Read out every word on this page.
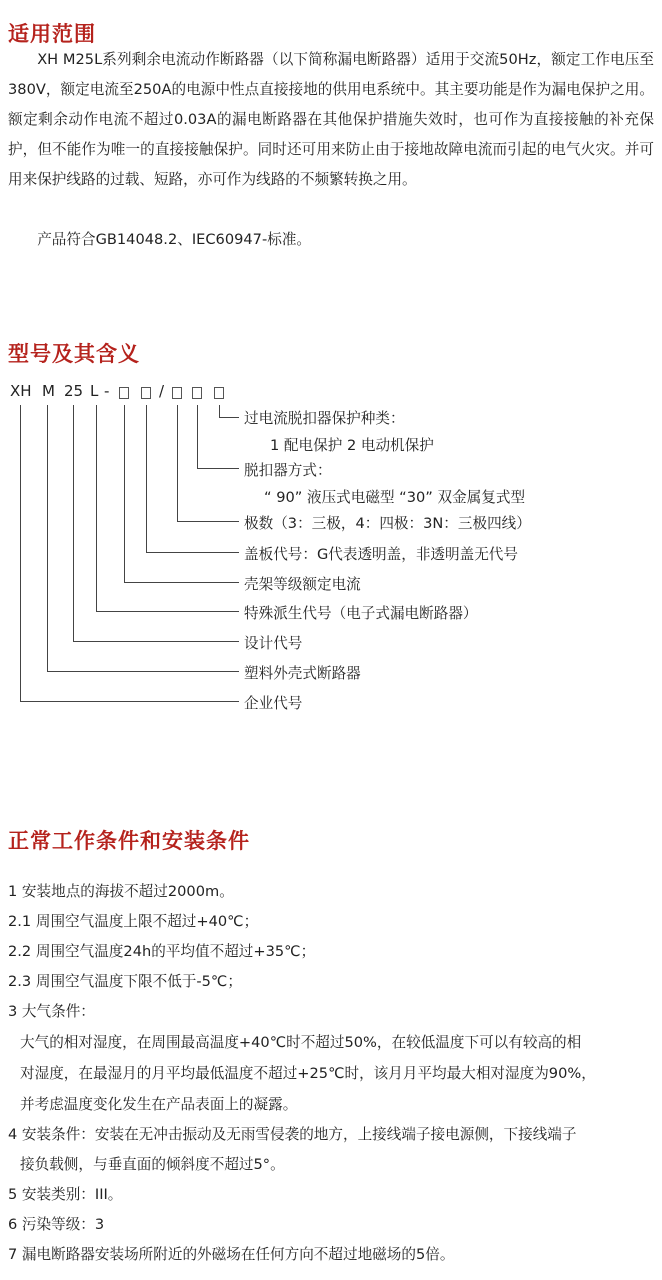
适用范围

XH M25L系列剩余电流动作断路器（以下简称漏电断路器）适用于交流50Hz，额定工作电压至380V，额定电流至250A的电源中性点直接接地的供用电系统中。其主要功能是作为漏电保护之用。额定剩余动作电流不超过0.03A的漏电断路器在其他保护措施失效时，也可作为直接接触的补充保护，但不能作为唯一的直接接触保护。同时还可用来防止由于接地故障电流而引起的电气火灾。并可用来保护线路的过载、短路，亦可作为线路的不频繁转换之用。

产品符合GB14048.2、IEC60947-标准。

型号及其含义
XH M 25 L -	/
过电流脱扣器保护种类：
1 配电保护 2 电动机保护
脱扣器方式：
“ 90” 液压式电磁型 “30” 双金属复式型
极数（3：三极，4：四极：3N：三极四线）
盖板代号：G代表透明盖，非透明盖无代号
壳架等级额定电流
特殊派生代号（电子式漏电断路器）
设计代号
塑料外壳式断路器
企业代号
正常工作条件和安装条件

1 安装地点的海拔不超过2000m。

2.1 周围空气温度上限不超过+40℃；

2.2 周围空气温度24h的平均值不超过+35℃；

2.3 周围空气温度下限不低于-5℃；

3 大气条件：

大气的相对湿度，在周围最高温度+40℃时不超过50%，在较低温度下可以有较高的相

对湿度，在最湿月的月平均最低温度不超过+25℃时，该月月平均最大相对湿度为90%，

并考虑温度变化发生在产品表面上的凝露。

4 安装条件：安装在无冲击振动及无雨雪侵袭的地方，上接线端子接电源侧，下接线端子

接负载侧，与垂直面的倾斜度不超过5°。

5 安装类别：III。

6 污染等级：3

7 漏电断路器安装场所附近的外磁场在任何方向不超过地磁场的5倍。
